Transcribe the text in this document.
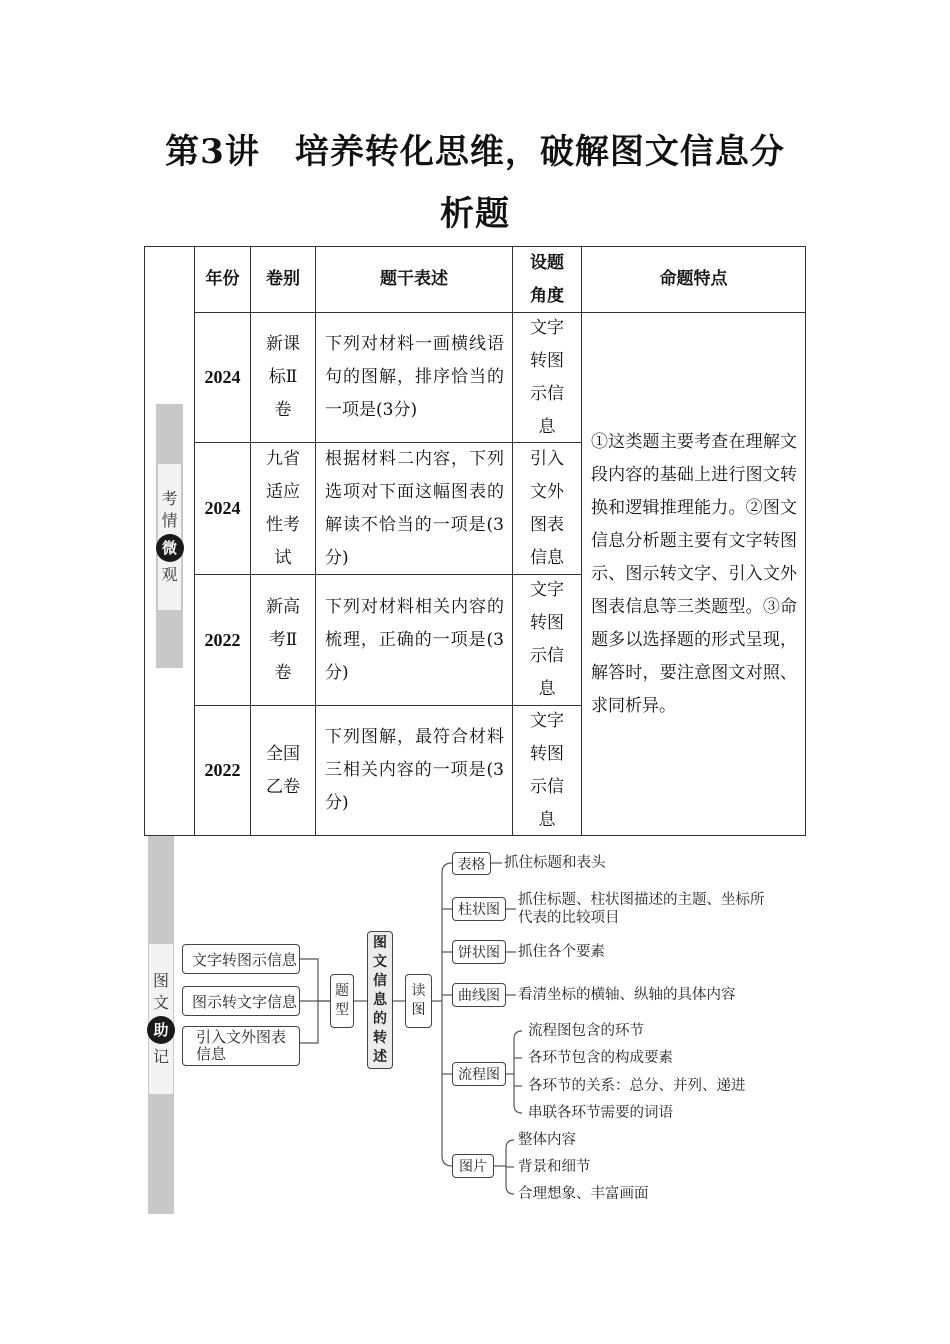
第3讲　培养转化思维，破解图文信息分
析题
考
情
微
观
年份	卷别	题干表述
设题角度
命题特点
2024
新课标Ⅱ卷
下列对材料一画横线语句的图解，排序恰当的一项是(3分)
文字转图示信息
2024
九省适应性考试
根据材料二内容，下列选项对下面这幅图表的解读不恰当的一项是(3分)
引入文外图表信息
2022
新高考Ⅱ卷
下列对材料相关内容的梳理，正确的一项是(3分)
文字转图示信息
2022
全国乙卷
下列图解，最符合材料三相关内容的一项是(3分)
文字转图示信息
①这类题主要考查在理解文段内容的基础上进行图文转换和逻辑推理能力。②图文信息分析题主要有文字转图示、图示转文字、引入文外图表信息等三类题型。③命题多以选择题的形式呈现，解答时，要注意图文对照、求同析异。
图
文
助
记
文字转图示信息
图示转文字信息
引入文外图表信息
题型
图文信息的转述
读图
表格
柱状图
饼状图
曲线图
流程图
图片
抓住标题和表头
抓住标题、柱状图描述的主题、坐标所代表的比较项目
抓住各个要素
看清坐标的横轴、纵轴的具体内容
流程图包含的环节
各环节包含的构成要素
各环节的关系：总分、并列、递进
串联各环节需要的词语
整体内容
背景和细节
合理想象、丰富画面
